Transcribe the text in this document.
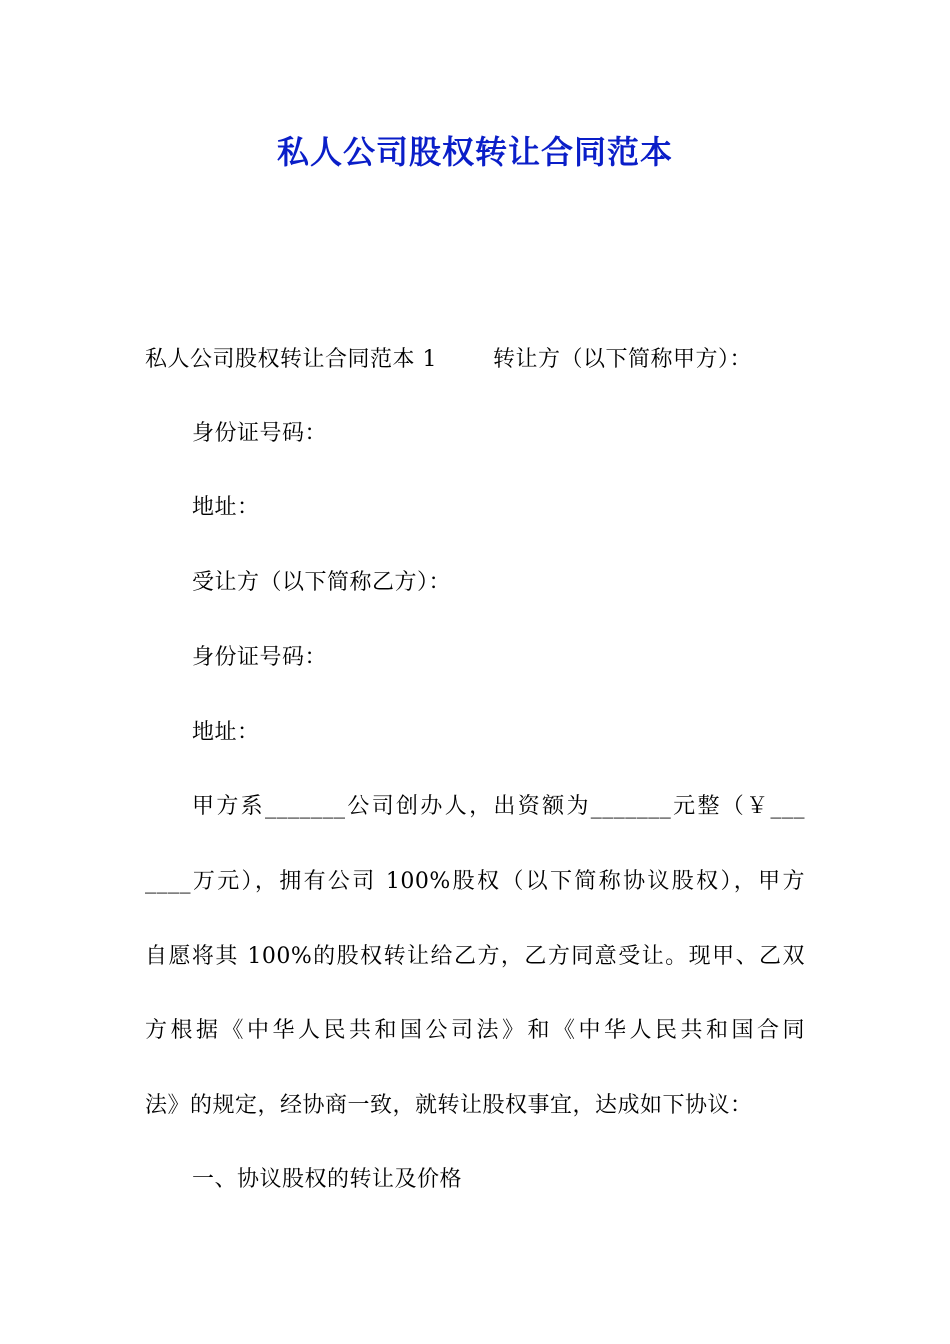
私人公司股权转让合同范本
私人公司股权转让合同范本 1	转让方（以下简称甲方）：
身份证号码：
地址：
受让方（以下简称乙方）：
身份证号码：
地址：
甲方系_______公司创办人，出资额为_______元整（￥___
____万元），拥有公司 100%股权（以下简称协议股权），甲方
自愿将其 100%的股权转让给乙方，乙方同意受让。现甲、乙双
方根据《中华人民共和国公司法》和《中华人民共和国合同
法》的规定，经协商一致，就转让股权事宜，达成如下协议：
一、协议股权的转让及价格
